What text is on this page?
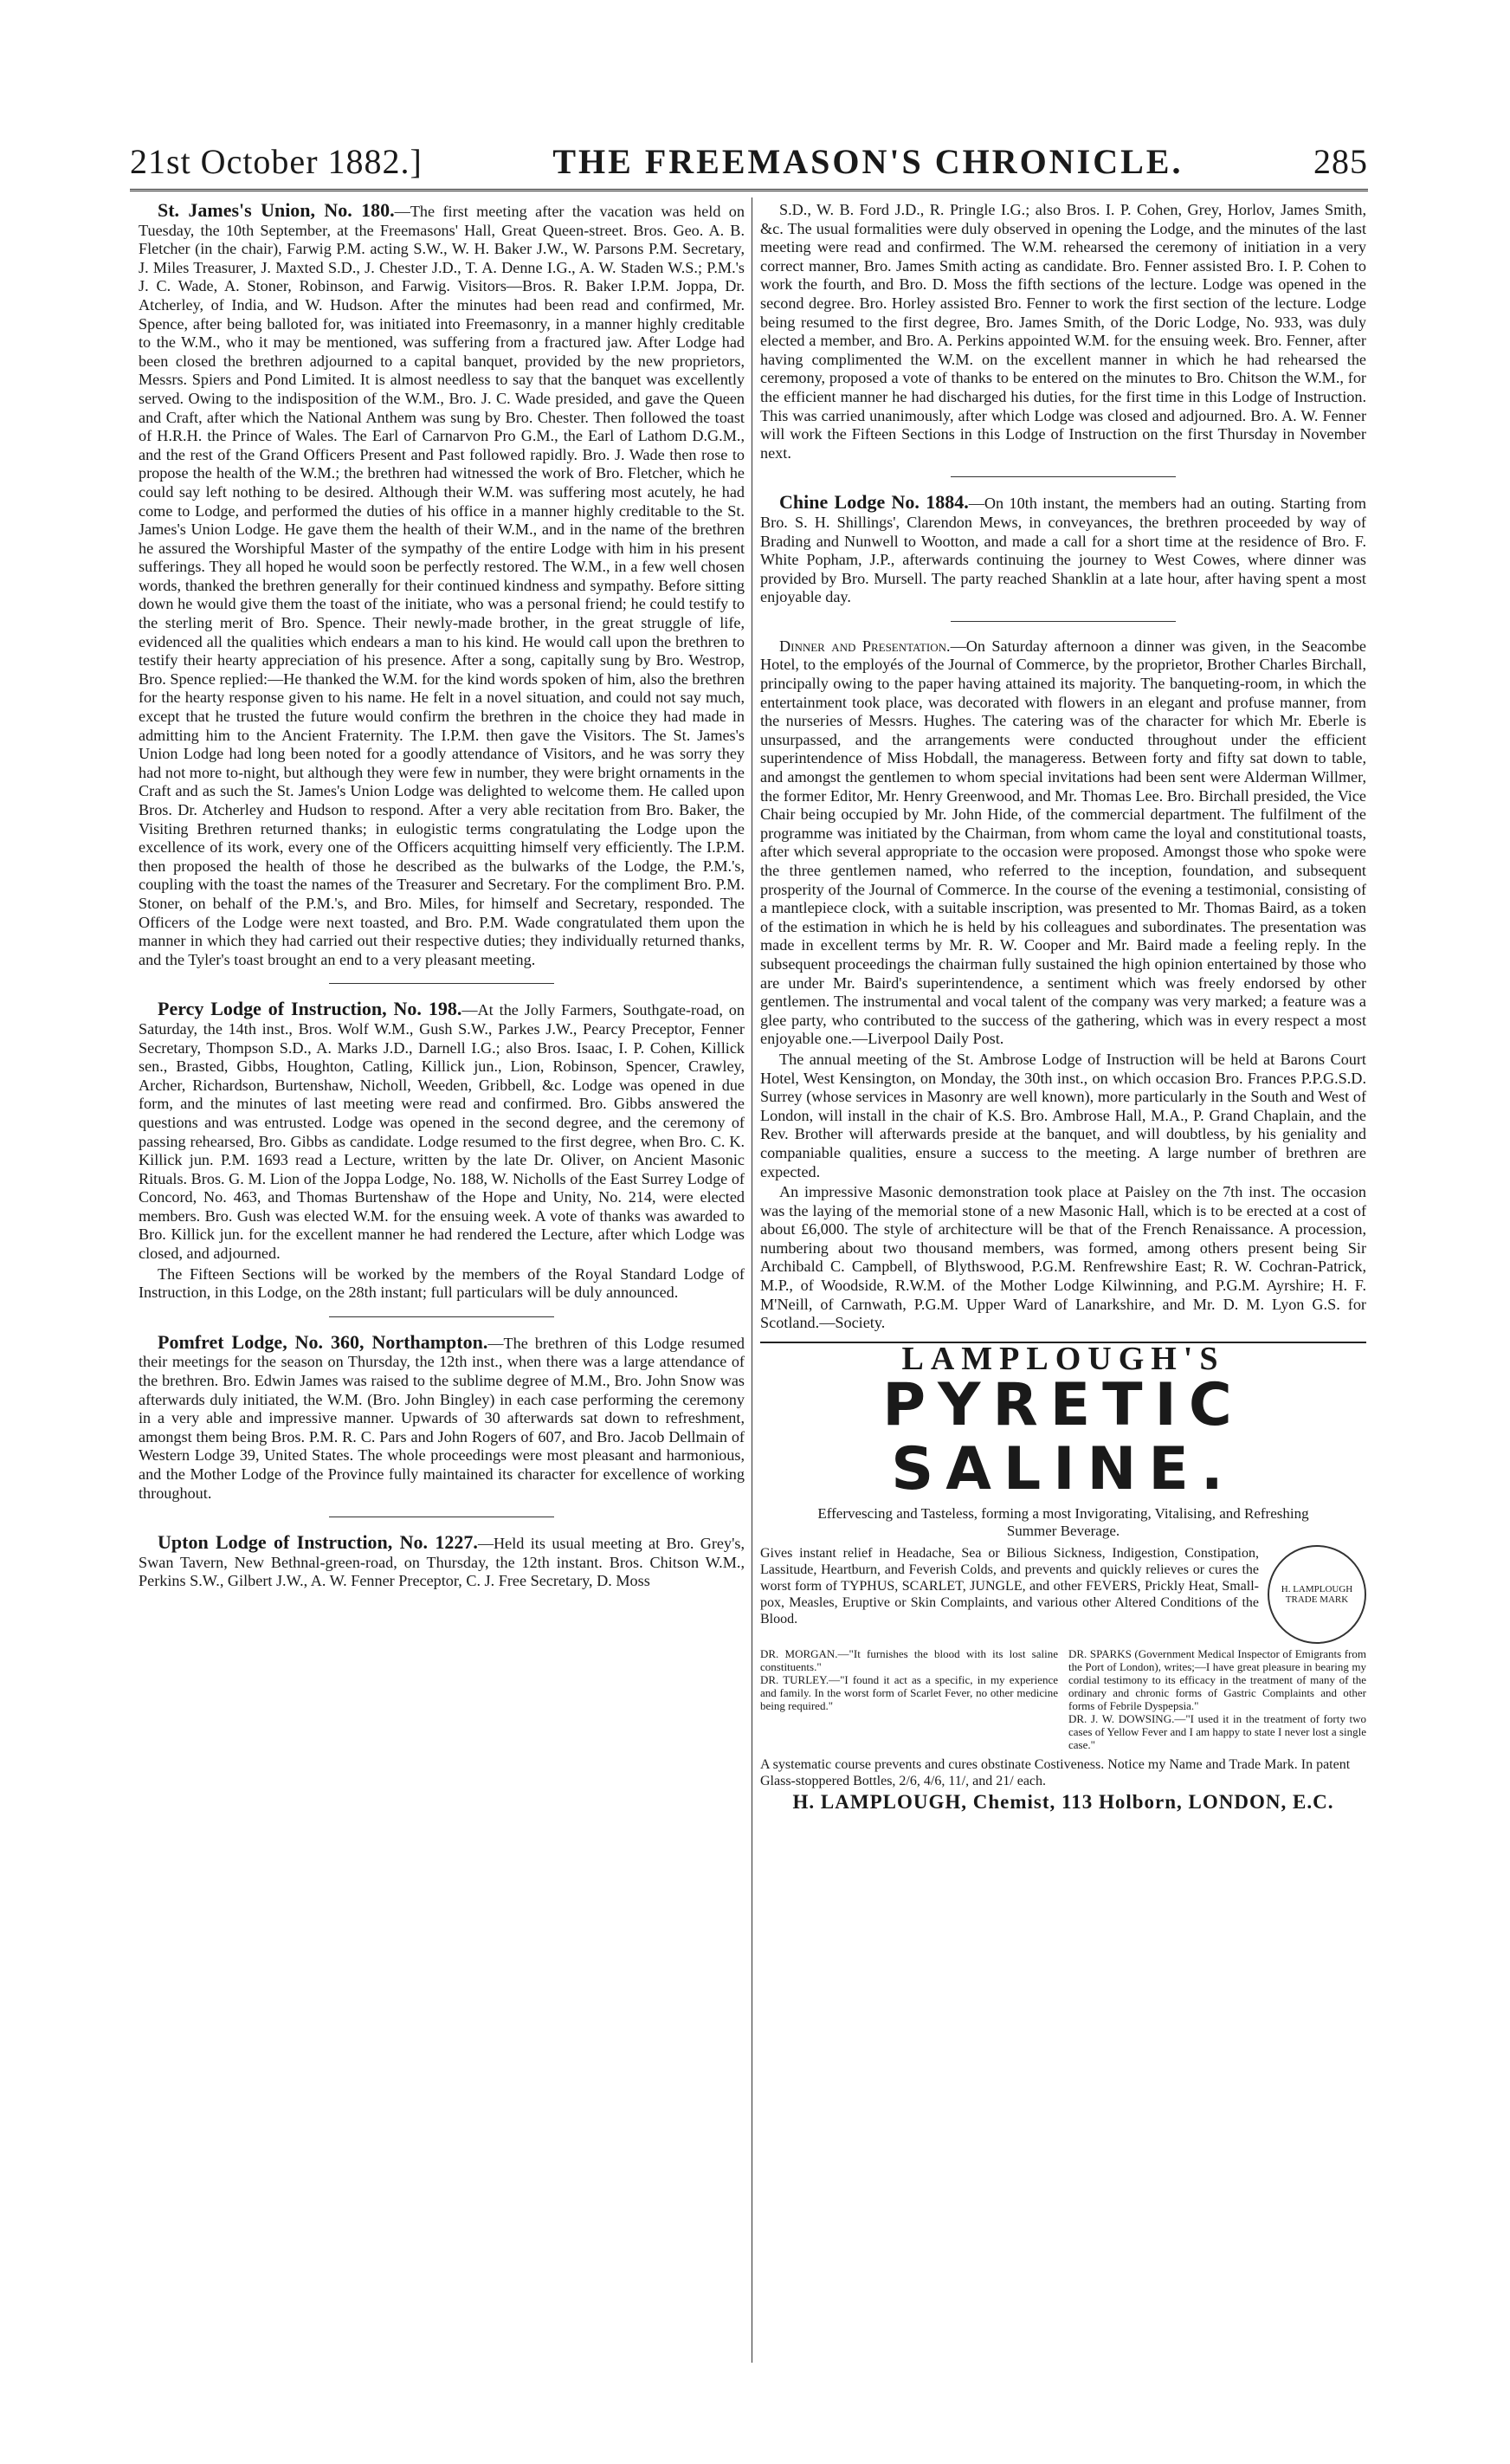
21st October 1882.]	THE FREEMASON'S CHRONICLE.	285

St. James's Union, No. 180.—The first meeting after the vacation was held on Tuesday, the 10th September, at the Freemasons' Hall, Great Queen-street. Bros. Geo. A. B. Fletcher (in the chair), Farwig P.M. acting S.W., W. H. Baker J.W., W. Parsons P.M. Secretary, J. Miles Treasurer, J. Maxted S.D., J. Chester J.D., T. A. Denne I.G., A. W. Staden W.S.; P.M.'s J. C. Wade, A. Stoner, Robinson, and Farwig. Visitors—Bros. R. Baker I.P.M. Joppa, Dr. Atcherley, of India, and W. Hudson. After the minutes had been read and confirmed, Mr. Spence, after being balloted for, was initiated into Freemasonry, in a manner highly creditable to the W.M., who it may be mentioned, was suffering from a fractured jaw. After Lodge had been closed the brethren adjourned to a capital banquet, provided by the new proprietors, Messrs. Spiers and Pond Limited. It is almost needless to say that the banquet was excellently served. Owing to the indisposition of the W.M., Bro. J. C. Wade presided, and gave the Queen and Craft, after which the National Anthem was sung by Bro. Chester. Then followed the toast of H.R.H. the Prince of Wales. The Earl of Carnarvon Pro G.M., the Earl of Lathom D.G.M., and the rest of the Grand Officers Present and Past followed rapidly. Bro. J. Wade then rose to propose the health of the W.M.; the brethren had witnessed the work of Bro. Fletcher, which he could say left nothing to be desired. Although their W.M. was suffering most acutely, he had come to Lodge, and performed the duties of his office in a manner highly creditable to the St. James's Union Lodge. He gave them the health of their W.M., and in the name of the brethren he assured the Worshipful Master of the sympathy of the entire Lodge with him in his present sufferings. They all hoped he would soon be perfectly restored. The W.M., in a few well chosen words, thanked the brethren generally for their continued kindness and sympathy. Before sitting down he would give them the toast of the initiate, who was a personal friend; he could testify to the sterling merit of Bro. Spence. Their newly-made brother, in the great struggle of life, evidenced all the qualities which endears a man to his kind. He would call upon the brethren to testify their hearty appreciation of his presence. After a song, capitally sung by Bro. Westrop, Bro. Spence replied:—He thanked the W.M. for the kind words spoken of him, also the brethren for the hearty response given to his name. He felt in a novel situation, and could not say much, except that he trusted the future would confirm the brethren in the choice they had made in admitting him to the Ancient Fraternity. The I.P.M. then gave the Visitors. The St. James's Union Lodge had long been noted for a goodly attendance of Visitors, and he was sorry they had not more to-night, but although they were few in number, they were bright ornaments in the Craft and as such the St. James's Union Lodge was delighted to welcome them. He called upon Bros. Dr. Atcherley and Hudson to respond. After a very able recitation from Bro. Baker, the Visiting Brethren returned thanks; in eulogistic terms congratulating the Lodge upon the excellence of its work, every one of the Officers acquitting himself very efficiently. The I.P.M. then proposed the health of those he described as the bulwarks of the Lodge, the P.M.'s, coupling with the toast the names of the Treasurer and Secretary. For the compliment Bro. P.M. Stoner, on behalf of the P.M.'s, and Bro. Miles, for himself and Secretary, responded. The Officers of the Lodge were next toasted, and Bro. P.M. Wade congratulated them upon the manner in which they had carried out their respective duties; they individually returned thanks, and the Tyler's toast brought an end to a very pleasant meeting.

Percy Lodge of Instruction, No. 198.—At the Jolly Farmers, Southgate-road, on Saturday, the 14th inst., Bros. Wolf W.M., Gush S.W., Parkes J.W., Pearcy Preceptor, Fenner Secretary, Thompson S.D., A. Marks J.D., Darnell I.G.; also Bros. Isaac, I. P. Cohen, Killick sen., Brasted, Gibbs, Houghton, Catling, Killick jun., Lion, Robinson, Spencer, Crawley, Archer, Richardson, Burtenshaw, Nicholl, Weeden, Gribbell, &c. Lodge was opened in due form, and the minutes of last meeting were read and confirmed. Bro. Gibbs answered the questions and was entrusted. Lodge was opened in the second degree, and the ceremony of passing rehearsed, Bro. Gibbs as candidate. Lodge resumed to the first degree, when Bro. C. K. Killick jun. P.M. 1693 read a Lecture, written by the late Dr. Oliver, on Ancient Masonic Rituals. Bros. G. M. Lion of the Joppa Lodge, No. 188, W. Nicholls of the East Surrey Lodge of Concord, No. 463, and Thomas Burtenshaw of the Hope and Unity, No. 214, were elected members. Bro. Gush was elected W.M. for the ensuing week. A vote of thanks was awarded to Bro. Killick jun. for the excellent manner he had rendered the Lecture, after which Lodge was closed, and adjourned.

The Fifteen Sections will be worked by the members of the Royal Standard Lodge of Instruction, in this Lodge, on the 28th instant; full particulars will be duly announced.

Pomfret Lodge, No. 360, Northampton.—The brethren of this Lodge resumed their meetings for the season on Thursday, the 12th inst., when there was a large attendance of the brethren. Bro. Edwin James was raised to the sublime degree of M.M., Bro. John Snow was afterwards duly initiated, the W.M. (Bro. John Bingley) in each case performing the ceremony in a very able and impressive manner. Upwards of 30 afterwards sat down to refreshment, amongst them being Bros. P.M. R. C. Pars and John Rogers of 607, and Bro. Jacob Dellmain of Western Lodge 39, United States. The whole proceedings were most pleasant and harmonious, and the Mother Lodge of the Province fully maintained its character for excellence of working throughout.

Upton Lodge of Instruction, No. 1227.—Held its usual meeting at Bro. Grey's, Swan Tavern, New Bethnal-green-road, on Thursday, the 12th instant. Bros. Chitson W.M., Perkins S.W., Gilbert J.W., A. W. Fenner Preceptor, C. J. Free Secretary, D. Moss

S.D., W. B. Ford J.D., R. Pringle I.G.; also Bros. I. P. Cohen, Grey, Horlov, James Smith, &c. The usual formalities were duly observed in opening the Lodge, and the minutes of the last meeting were read and confirmed. The W.M. rehearsed the ceremony of initiation in a very correct manner, Bro. James Smith acting as candidate. Bro. Fenner assisted Bro. I. P. Cohen to work the fourth, and Bro. D. Moss the fifth sections of the lecture. Lodge was opened in the second degree. Bro. Horley assisted Bro. Fenner to work the first section of the lecture. Lodge being resumed to the first degree, Bro. James Smith, of the Doric Lodge, No. 933, was duly elected a member, and Bro. A. Perkins appointed W.M. for the ensuing week. Bro. Fenner, after having complimented the W.M. on the excellent manner in which he had rehearsed the ceremony, proposed a vote of thanks to be entered on the minutes to Bro. Chitson the W.M., for the efficient manner he had discharged his duties, for the first time in this Lodge of Instruction. This was carried unanimously, after which Lodge was closed and adjourned. Bro. A. W. Fenner will work the Fifteen Sections in this Lodge of Instruction on the first Thursday in November next.

Chine Lodge No. 1884.—On 10th instant, the members had an outing. Starting from Bro. S. H. Shillings', Clarendon Mews, in conveyances, the brethren proceeded by way of Brading and Nunwell to Wootton, and made a call for a short time at the residence of Bro. F. White Popham, J.P., afterwards continuing the journey to West Cowes, where dinner was provided by Bro. Mursell. The party reached Shanklin at a late hour, after having spent a most enjoyable day.

Dinner and Presentation.—On Saturday afternoon a dinner was given, in the Seacombe Hotel, to the employés of the Journal of Commerce, by the proprietor, Brother Charles Birchall, principally owing to the paper having attained its majority. The banqueting-room, in which the entertainment took place, was decorated with flowers in an elegant and profuse manner, from the nurseries of Messrs. Hughes. The catering was of the character for which Mr. Eberle is unsurpassed, and the arrangements were conducted throughout under the efficient superintendence of Miss Hobdall, the manageress. Between forty and fifty sat down to table, and amongst the gentlemen to whom special invitations had been sent were Alderman Willmer, the former Editor, Mr. Henry Greenwood, and Mr. Thomas Lee. Bro. Birchall presided, the Vice Chair being occupied by Mr. John Hide, of the commercial department. The fulfilment of the programme was initiated by the Chairman, from whom came the loyal and constitutional toasts, after which several appropriate to the occasion were proposed. Amongst those who spoke were the three gentlemen named, who referred to the inception, foundation, and subsequent prosperity of the Journal of Commerce. In the course of the evening a testimonial, consisting of a mantlepiece clock, with a suitable inscription, was presented to Mr. Thomas Baird, as a token of the estimation in which he is held by his colleagues and subordinates. The presentation was made in excellent terms by Mr. R. W. Cooper and Mr. Baird made a feeling reply. In the subsequent proceedings the chairman fully sustained the high opinion entertained by those who are under Mr. Baird's superintendence, a sentiment which was freely endorsed by other gentlemen. The instrumental and vocal talent of the company was very marked; a feature was a glee party, who contributed to the success of the gathering, which was in every respect a most enjoyable one.—Liverpool Daily Post.

The annual meeting of the St. Ambrose Lodge of Instruction will be held at Barons Court Hotel, West Kensington, on Monday, the 30th inst., on which occasion Bro. Frances P.P.G.S.D. Surrey (whose services in Masonry are well known), more particularly in the South and West of London, will install in the chair of K.S. Bro. Ambrose Hall, M.A., P. Grand Chaplain, and the Rev. Brother will afterwards preside at the banquet, and will doubtless, by his geniality and companiable qualities, ensure a success to the meeting. A large number of brethren are expected.

An impressive Masonic demonstration took place at Paisley on the 7th inst. The occasion was the laying of the memorial stone of a new Masonic Hall, which is to be erected at a cost of about £6,000. The style of architecture will be that of the French Renaissance. A procession, numbering about two thousand members, was formed, among others present being Sir Archibald C. Campbell, of Blythswood, P.G.M. Renfrewshire East; R. W. Cochran-Patrick, M.P., of Woodside, R.W.M. of the Mother Lodge Kilwinning, and P.G.M. Ayrshire; H. F. M'Neill, of Carnwath, P.G.M. Upper Ward of Lanarkshire, and Mr. D. M. Lyon G.S. for Scotland.—Society.

LAMPLOUGH'S
PYRETIC SALINE.
Effervescing and Tasteless, forming a most Invigorating, Vitalising, and Refreshing Summer Beverage.
Gives instant relief in Headache, Sea or Bilious Sickness, Indigestion, Constipation, Lassitude, Heartburn, and Feverish Colds, and prevents and quickly relieves or cures the worst form of TYPHUS, SCARLET, JUNGLE, and other FEVERS, Prickly Heat, Small-pox, Measles, Eruptive or Skin Complaints, and various other Altered Conditions of the Blood.
H. LAMPLOUGH TRADE MARK
DR. MORGAN.—"It furnishes the blood with its lost saline constituents."
DR. TURLEY.—"I found it act as a specific, in my experience and family. In the worst form of Scarlet Fever, no other medicine being required."
DR. SPARKS (Government Medical Inspector of Emigrants from the Port of London), writes;—I have great pleasure in bearing my cordial testimony to its efficacy in the treatment of many of the ordinary and chronic forms of Gastric Complaints and other forms of Febrile Dyspepsia."
DR. J. W. DOWSING.—"I used it in the treatment of forty two cases of Yellow Fever and I am happy to state I never lost a single case."
A systematic course prevents and cures obstinate Costiveness. Notice my Name and Trade Mark. In patent Glass-stoppered Bottles, 2/6, 4/6, 11/, and 21/ each.
H. LAMPLOUGH, Chemist, 113 Holborn, LONDON, E.C.
